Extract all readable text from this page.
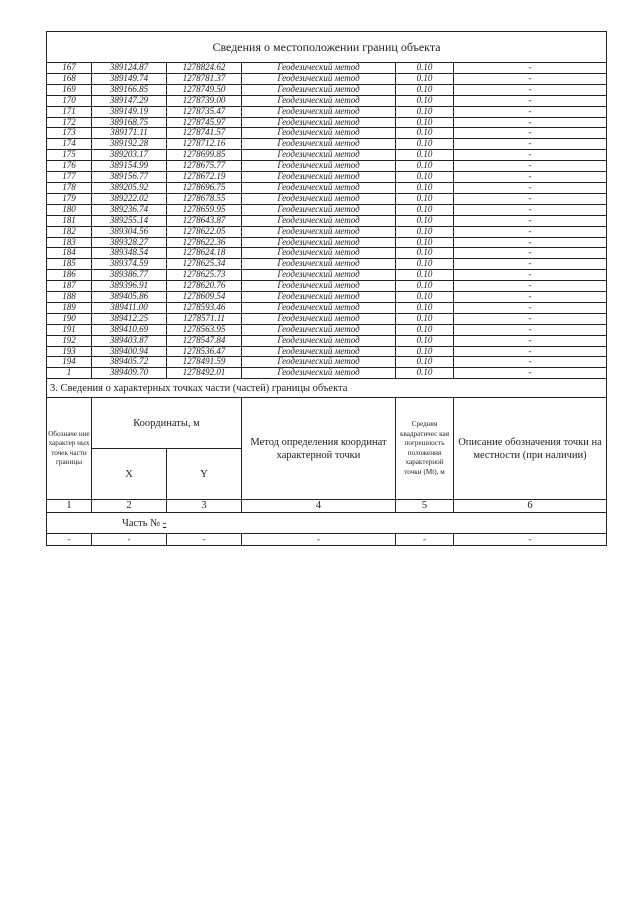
Сведения о местоположении границ объекта					
167	389124.87	1278824.62	Геодезический метод	0.10	-
168	389149.74	1278781.37	Геодезический метод	0.10	-
169	389166.85	1278749.50	Геодезический метод	0.10	-
170	389147.29	1278739.00	Геодезический метод	0.10	-
171	389149.19	1278735.47	Геодезический метод	0.10	-
172	389168.75	1278745.97	Геодезический метод	0.10	-
173	389171.11	1278741.57	Геодезический метод	0.10	-
174	389192.28	1278712.16	Геодезический метод	0.10	-
175	389203.17	1278699.85	Геодезический метод	0.10	-
176	389154.99	1278675.77	Геодезический метод	0.10	-
177	389156.77	1278672.19	Геодезический метод	0.10	-
178	389205.92	1278696.75	Геодезический метод	0.10	-
179	389222.02	1278678.55	Геодезический метод	0.10	-
180	389236.74	1278659.95	Геодезический метод	0.10	-
181	389255.14	1278643.87	Геодезический метод	0.10	-
182	389304.56	1278622.05	Геодезический метод	0.10	-
183	389328.27	1278622.36	Геодезический метод	0.10	-
184	389348.54	1278624.18	Геодезический метод	0.10	-
185	389374.59	1278625.34	Геодезический метод	0.10	-
186	389386.77	1278625.73	Геодезический метод	0.10	-
187	389396.91	1278620.76	Геодезический метод	0.10	-
188	389405.86	1278609.54	Геодезический метод	0.10	-
189	389411.00	1278593.46	Геодезический метод	0.10	-
190	389412.25	1278571.11	Геодезический метод	0.10	-
191	389410.69	1278563.95	Геодезический метод	0.10	-
192	389403.87	1278547.84	Геодезический метод	0.10	-
193	389400.94	1278536.47	Геодезический метод	0.10	-
194	389405.72	1278491.59	Геодезический метод	0.10	-
1	389409.70	1278492.01	Геодезический метод	0.10	-
3. Сведения о характерных точках части (частей) границы объекта					
Обозначе ние характер ных точек части границы	Координаты, м		Метод определения координат характерной точки	Средняя квадратичес кая погрешность положения характерной точки (Mt), м	Описание обозначения точки на местности (при наличии)
	X	Y			
1	2	3	4	5	6
Часть № -					
-	-	-	-	-	-
